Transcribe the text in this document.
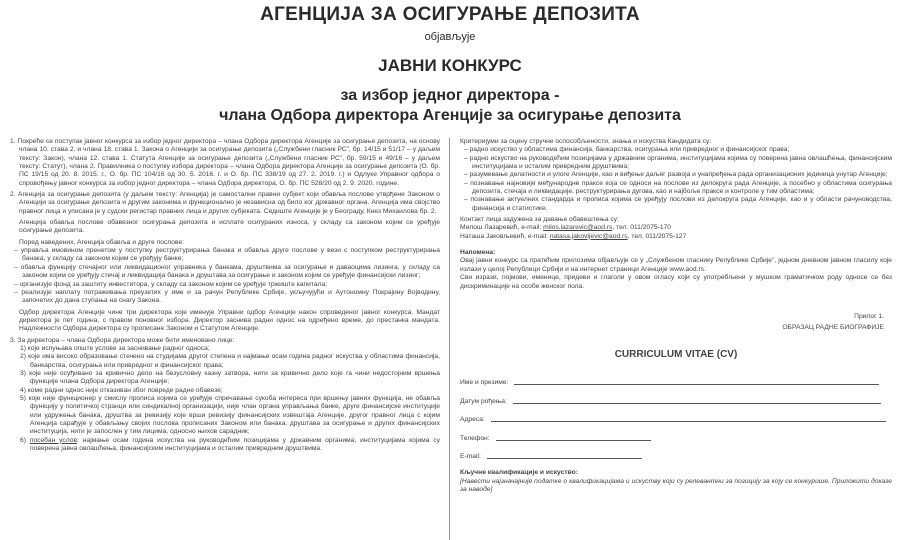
АГЕНЦИЈА ЗА ОСИГУРАЊЕ ДЕПОЗИТА
објављује
ЈАВНИ КОНКУРС
за избор једног директора -
члана Одбора директора Агенције за осигурање депозита
1. Покреће се поступак јавног конкурса за избор једног директора – члана Одбора директора Агенције за осигурање депозита, на основу члана 10. става 2. и члана 18. става 1. Закона о Агенцији за осигурање депозита („Службени гласник РС”, бр. 14/15 и 51/17 – у даљем тексту: Закон), члана 12. става 1. Статута Агенције за осигурање депозита („Службени гласник РС”, бр. 59/15 и 49/16 – у даљем тексту: Статут), члана 2. Правилника о поступку избора директора – члана Одбора директора Агенције за осигурање депозита (О. бр. ПС 19/15 од 20. 8. 2015. г., О. бр. ПС 104/16 од 30. 5. 2016. г. и О. бр. ПС 338/19 од 27. 2. 2019. г.) и Одлуке Управног одбора о спровођењу јавног конкурса за избор једног директора – члана Одбора директора, О. бр. ПС 528/20 од 2. 9. 2020. године.
2. Агенција за осигурање депозита (у даљем тексту: Агенција) је самостални правни субјект који обавља послове утврђене Законом о Агенцији за осигурање депозита и другим законима и функционално је независна од било ког државног органа. Агенција има својство правног лица и уписана је у судски регистар правних лица и других субјеката. Седиште Агенције је у Београду, Кнез Михаилова бр. 2.
Агенција обавља послове обавезног осигурања депозита и исплате осигураних износа, у складу са законом којим се уређује осигурање депозита.
Поред наведених, Агенција обавља и друге послове:
– управља имовином пренетом у поступку реструктурирања банака и обавља друге послове у вези с поступком реструктурирања банака, у складу са законом којим се уређују банке;
– обавља функцију стечајног или ликвидационог управника у банкама, друштвима за осигурање и даваоцима лизинга, у складу са законом којим се уређују стечај и ликвидација банака и друштава за осигурање и законом којим се уређује финансијски лизинг;
– организује фонд за заштиту инвеститора, у складу са законом којим се уређује тржиште капитала;
– реализује наплату потраживања преузетих у име и за рачун Републике Србије, укључујући и Аутономну Покрајину Војводину, започетих до дана ступања на снагу Закона.
Одбор директора Агенције чине три директора које именује Управни одбор Агенције након спроведеног јавног конкурса. Мандат директора је пет година, с правом поновног избора. Директор заснива радни однос на одређено време, до престанка мандата. Надлежности Одбора директора су прописане Законом и Статутом Агенције.
3. За директора – члана Одбора директора може бити именовано лице:
1) које испуњава опште услове за заснивање радног односа;
2) које има високо образовање стечено на студијама другог степена и најмање осам година радног искуства у областима финансија, банкарства, осигурања или привредног и финансијског права;
3) које није осуђивано за кривично дело на безусловну казну затвора, нити за кривично дело које га чини недостојним вршења функције члана Одбора директора Агенције;
4) коме радни однос није отказиван због повреде радне обавезе;
5) које није функционер у смислу прописа којима се уређује спречавање сукоба интереса при вршењу јавних функција, не обавља функцију у политичкој странци или синдикалној организацији, није члан органа управљања банке, друге финансијске институције или удружења банака, друштва за ревизију које врши ревизију финансијских извештаја Агенције, другог правног лица с којим Агенција сарађује у обављању својих послова прописаних Законом или банака, друштава за осигурање и других финансијских институција, нити је запослен у тим лицима, односно њихов сарадник;
6) посебан услов: најмање осам година искуства на руководећим позицијама у државним органима, институцијама којима су поверена јавна овлашћења, финансијским институцијама и осталим привредним друштвима.
Критеријуми за оцену стручне оспособљености, знања и искуства Кандидата су:
– радно искуство у областима финансија, банкарства, осигурања или привредног и финансијског права;
– радно искуство на руководећим позицијама у државним органима, институцијама којима су поверена јавна овлашћења, финансијским институцијама и осталим привредним друштвима;
– разумевање делатности и улоге Агенције, као и виђење даљег развоја и унапређења рада организационих јединица унутар Агенције;
– познавање најновије међународне праксе која се односи на послове из делокруга рада Агенције, а посебно у областима осигурања депозита, стечаја и ликвидације, реструктурирања дугова, као и најбоље праксе и контроле у тим областима;
– познавање актуелних стандарда и прописа којима се уређују послови из делокруга рада Агенције, као и у области рачуноводства, финансија и статистике.
Контакт лица задужена за давање обавештења су:
Милош Лазаревић, e-mail: milos.lazarevic@aod.rs, тел. 011/2075-170
Наташа Јаковљевић, e-mail: natasa.jakovljevic@aod.rs, тел. 011/2075-127
Напомена:
Овај јавни конкурс са пратећим прилозима објављује се у „Службеном гласнику Републике Србије”, једном дневном јавном гласилу које излази у целој Републици Србији и на интернет страници Агенције www.aod.rs.
Сви изрази, појмови, именице, придеви и глаголи у овом огласу који су употребљени у мушком граматичком роду односе се без дискриминације на особе женског пола.
Прилог 1.
ОБРАЗАЦ РАДНЕ БИОГРАФИЈЕ
CURRICULUM VITAE (CV)
Име и презиме:
Датум рођења:
Адреса:
Телефон:
E-mail:
Кључне квалификације и искуство:
[Навести најзначајније податке о квалификацијама и искуству који су релевантни за позицију за коју се конкурише. Приложити доказе за наводе]
